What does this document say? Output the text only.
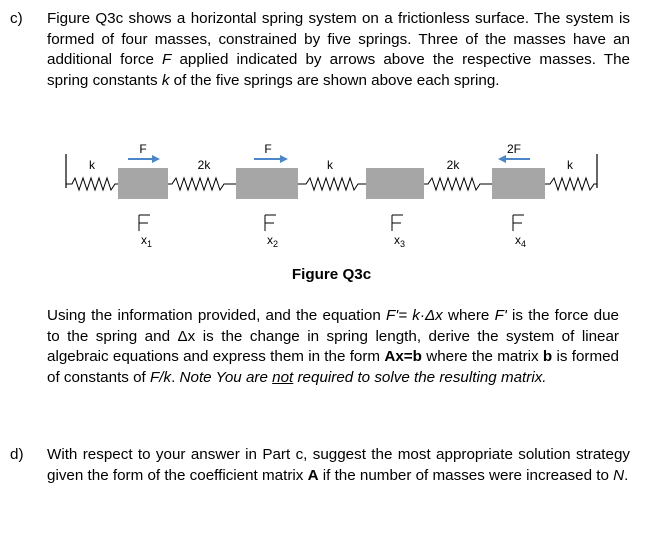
c) Figure Q3c shows a horizontal spring system on a frictionless surface. The system is formed of four masses, constrained by five springs. Three of the masses have an additional force F applied indicated by arrows above the respective masses. The spring constants k of the five springs are shown above each spring.
F	F	2F
k	2k	k	2k	k
$x_1$	$x_2$	$x_3$	$x_4$
Figure Q3c
Using the information provided, and the equation F'= k·Δx where F' is the force due to the spring and Δx is the change in spring length, derive the system of linear algebraic equations and express them in the form Ax=b where the matrix b is formed of constants of F/k. Note You are not required to solve the resulting matrix.
d) With respect to your answer in Part c, suggest the most appropriate solution strategy given the form of the coefficient matrix A if the number of masses were increased to N.
